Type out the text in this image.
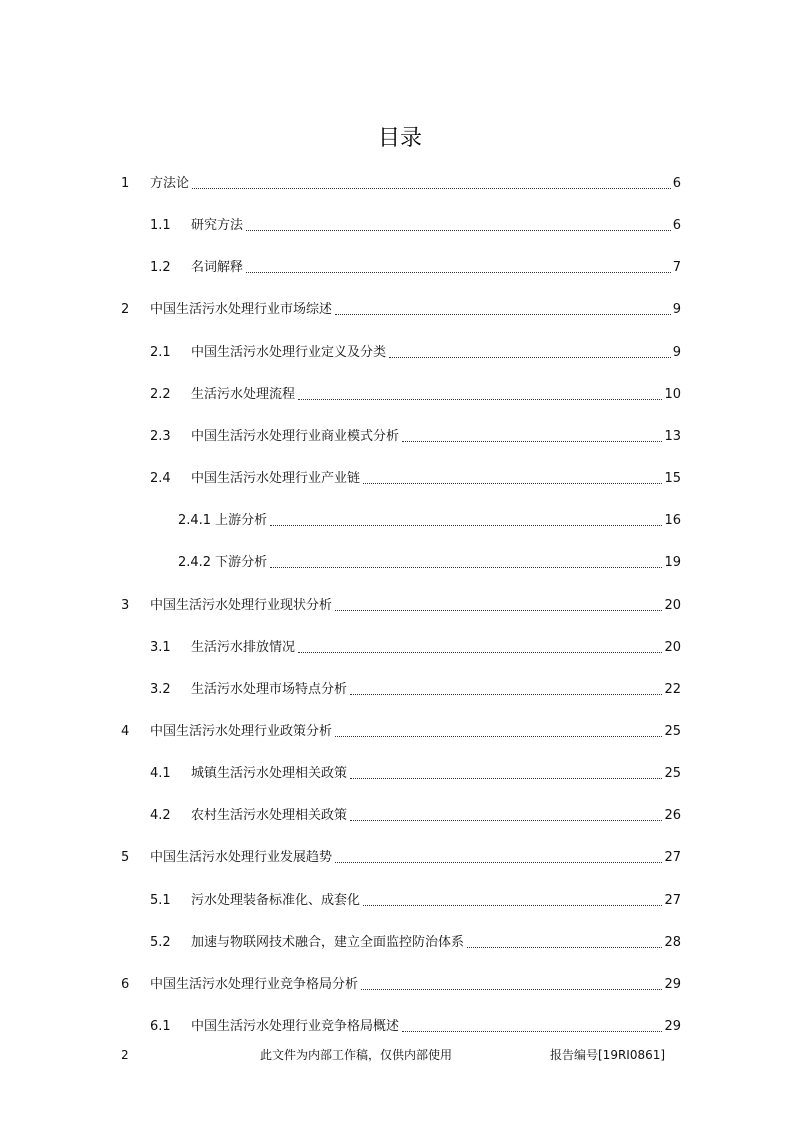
目录
1 方法论	6
1.1 研究方法	6
1.2 名词解释	7
2 中国生活污水处理行业市场综述	9
2.1 中国生活污水处理行业定义及分类	9
2.2 生活污水处理流程	10
2.3 中国生活污水处理行业商业模式分析	13
2.4 中国生活污水处理行业产业链	15
2.4.1 上游分析	16
2.4.2 下游分析	19
3 中国生活污水处理行业现状分析	20
3.1 生活污水排放情况	20
3.2 生活污水处理市场特点分析	22
4 中国生活污水处理行业政策分析	25
4.1 城镇生活污水处理相关政策	25
4.2 农村生活污水处理相关政策	26
5 中国生活污水处理行业发展趋势	27
5.1 污水处理装备标准化、成套化	27
5.2 加速与物联网技术融合，建立全面监控防治体系	28
6 中国生活污水处理行业竞争格局分析	29
6.1 中国生活污水处理行业竞争格局概述	29
2	此文件为内部工作稿，仅供内部使用	报告编号[19RI0861]
